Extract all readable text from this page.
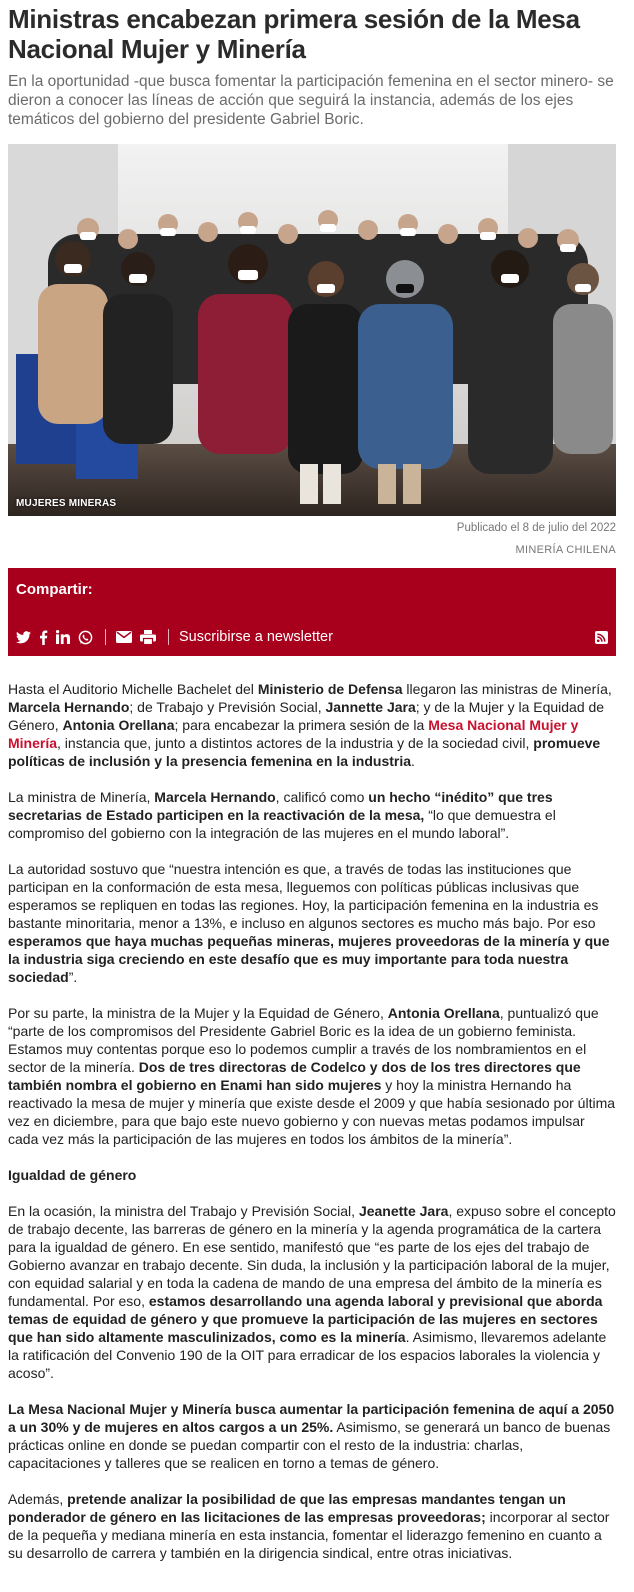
Ministras encabezan primera sesión de la Mesa Nacional Mujer y Minería

En la oportunidad -que busca fomentar la participación femenina en el sector minero- se dieron a conocer las líneas de acción que seguirá la instancia, además de los ejes temáticos del gobierno del presidente Gabriel Boric.

MUJERES MINERAS
Publicado el 8 de julio del 2022
MINERÍA CHILENA
Compartir:
Suscribirse a newsletter

Hasta el Auditorio Michelle Bachelet del Ministerio de Defensa llegaron las ministras de Minería, Marcela Hernando; de Trabajo y Previsión Social, Jannette Jara; y de la Mujer y la Equidad de Género, Antonia Orellana; para encabezar la primera sesión de la Mesa Nacional Mujer y Minería, instancia que, junto a distintos actores de la industria y de la sociedad civil, promueve políticas de inclusión y la presencia femenina en la industria.

La ministra de Minería, Marcela Hernando, calificó como un hecho “inédito” que tres secretarias de Estado participen en la reactivación de la mesa, “lo que demuestra el compromiso del gobierno con la integración de las mujeres en el mundo laboral”.

La autoridad sostuvo que “nuestra intención es que, a través de todas las instituciones que participan en la conformación de esta mesa, lleguemos con políticas públicas inclusivas que esperamos se repliquen en todas las regiones. Hoy, la participación femenina en la industria es bastante minoritaria, menor a 13%, e incluso en algunos sectores es mucho más bajo. Por eso esperamos que haya muchas pequeñas mineras, mujeres proveedoras de la minería y que la industria siga creciendo en este desafío que es muy importante para toda nuestra sociedad”.

Por su parte, la ministra de la Mujer y la Equidad de Género, Antonia Orellana, puntualizó que “parte de los compromisos del Presidente Gabriel Boric es la idea de un gobierno feminista. Estamos muy contentas porque eso lo podemos cumplir a través de los nombramientos en el sector de la minería. Dos de tres directoras de Codelco y dos de los tres directores que también nombra el gobierno en Enami han sido mujeres y hoy la ministra Hernando ha reactivado la mesa de mujer y minería que existe desde el 2009 y que había sesionado por última vez en diciembre, para que bajo este nuevo gobierno y con nuevas metas podamos impulsar cada vez más la participación de las mujeres en todos los ámbitos de la minería”.

Igualdad de género

En la ocasión, la ministra del Trabajo y Previsión Social, Jeanette Jara, expuso sobre el concepto de trabajo decente, las barreras de género en la minería y la agenda programática de la cartera para la igualdad de género. En ese sentido, manifestó que “es parte de los ejes del trabajo de Gobierno avanzar en trabajo decente. Sin duda, la inclusión y la participación laboral de la mujer, con equidad salarial y en toda la cadena de mando de una empresa del ámbito de la minería es fundamental. Por eso, estamos desarrollando una agenda laboral y previsional que aborda temas de equidad de género y que promueve la participación de las mujeres en sectores que han sido altamente masculinizados, como es la minería. Asimismo, llevaremos adelante la ratificación del Convenio 190 de la OIT para erradicar de los espacios laborales la violencia y acoso”.

La Mesa Nacional Mujer y Minería busca aumentar la participación femenina de aquí a 2050 a un 30% y de mujeres en altos cargos a un 25%. Asimismo, se generará un banco de buenas prácticas online en donde se puedan compartir con el resto de la industria: charlas, capacitaciones y talleres que se realicen en torno a temas de género.

Además, pretende analizar la posibilidad de que las empresas mandantes tengan un ponderador de género en las licitaciones de las empresas proveedoras; incorporar al sector de la pequeña y mediana minería en esta instancia, fomentar el liderazgo femenino en cuanto a su desarrollo de carrera y también en la dirigencia sindical, entre otras iniciativas.
